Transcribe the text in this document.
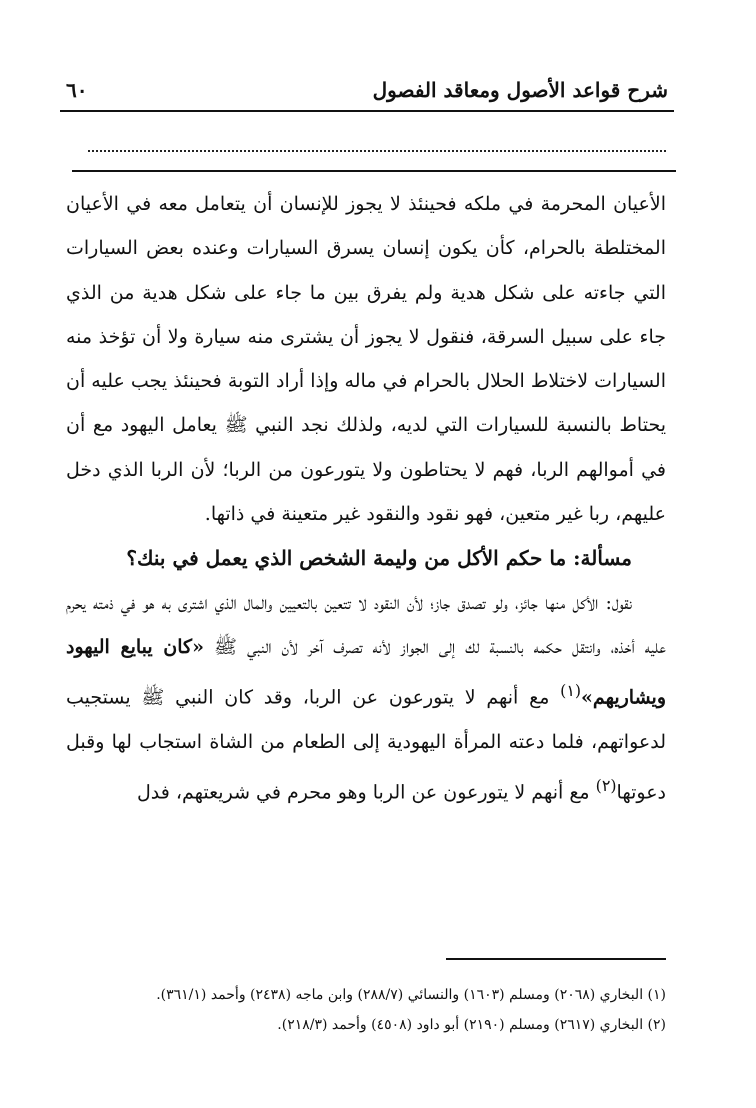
شرح قواعد الأصول ومعاقد الفصول
٦٠

الأعيان المحرمة في ملكه فحينئذ لا يجوز للإنسان أن يتعامل معه في الأعيان المختلطة بالحرام، كأن يكون إنسان يسرق السيارات وعنده بعض السيارات التي جاءته على شكل هدية ولم يفرق بين ما جاء على شكل هدية من الذي جاء على سبيل السرقة، فنقول لا يجوز أن يشترى منه سيارة ولا أن تؤخذ منه السيارات لاختلاط الحلال بالحرام في ماله وإذا أراد التوبة فحينئذ يجب عليه أن يحتاط بالنسبة للسيارات التي لديه، ولذلك نجد النبي ﷺ يعامل اليهود مع أن في أموالهم الربا، فهم لا يحتاطون ولا يتورعون من الربا؛ لأن الربا الذي دخل عليهم، ربا غير متعين، فهو نقود والنقود غير متعينة في ذاتها.

مسألة: ما حكم الأكل من وليمة الشخص الذي يعمل في بنك؟

نقول: الأكل منها جائز، ولو تصدق جاز؛ لأن النقود لا تتعين بالتعيين والمال الذي اشترى به هو في ذمته يحرم عليه أخذه، وانتقل حكمه بالنسبة لك إلى الجواز لأنه تصرف آخر لأن النبي ﷺ «كان يبايع اليهود ويشاريهم»$^{(١)}$ مع أنهم لا يتورعون عن الربا، وقد كان النبي ﷺ يستجيب لدعواتهم، فلما دعته المرأة اليهودية إلى الطعام من الشاة استجاب لها وقبل دعوتها$^{(٢)}$ مع أنهم لا يتورعون عن الربا وهو محرم في شريعتهم، فدل

(١) البخاري (٢٠٦٨) ومسلم (١٦٠٣) والنسائي (٢٨٨/٧) وابن ماجه (٢٤٣٨) وأحمد (٣٦١/١).

(٢) البخاري (٢٦١٧) ومسلم (٢١٩٠) أبو داود (٤٥٠٨) وأحمد (٢١٨/٣).
